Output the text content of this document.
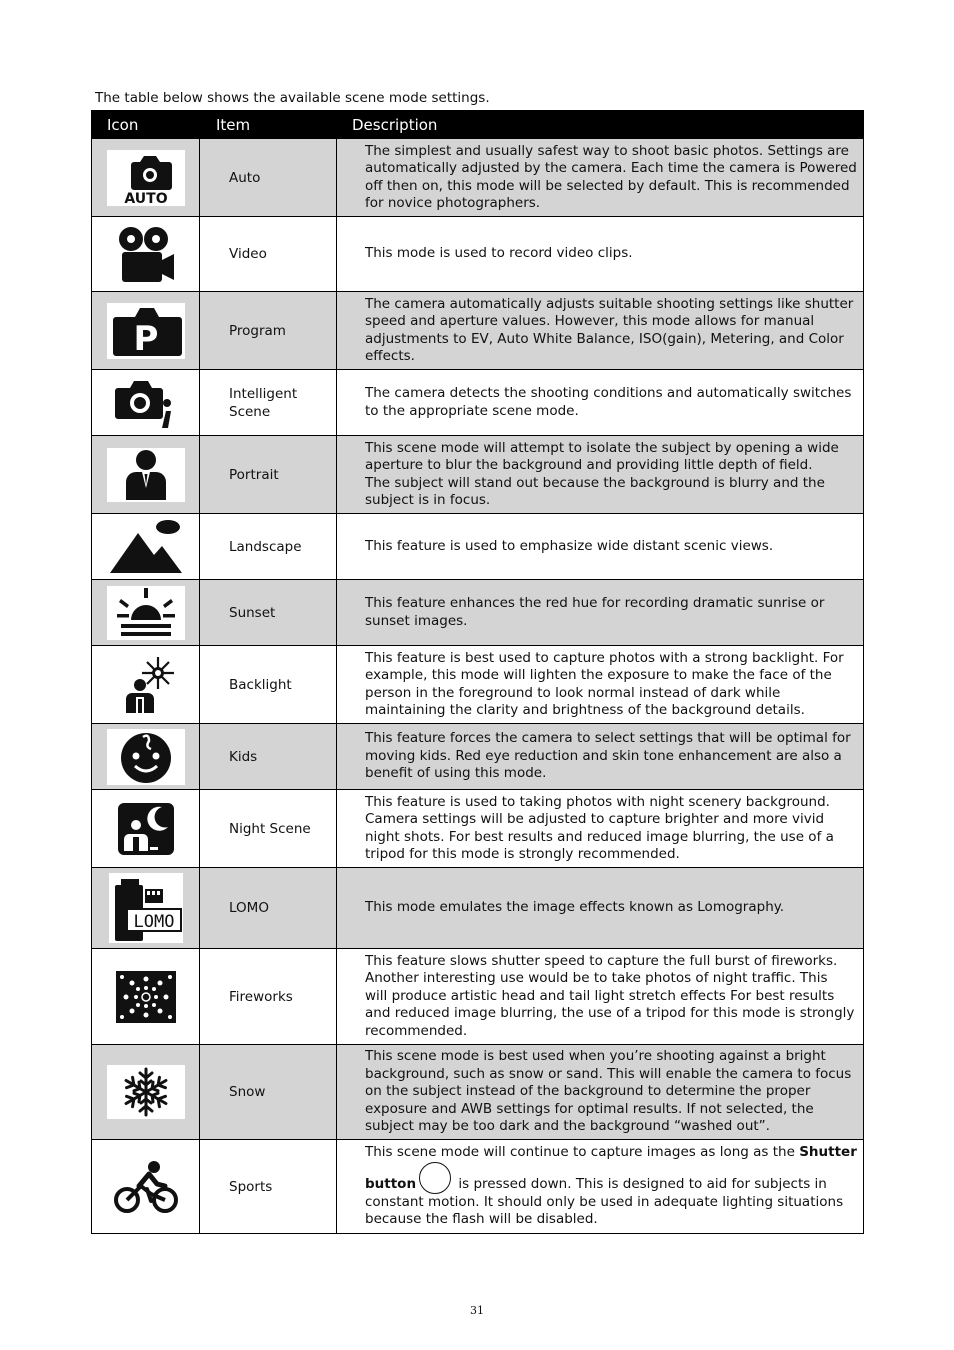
The table below shows the available scene mode settings.
Icon	Item	Description

AUTO	Auto	The simplest and usually safest way to shoot basic photos. Settings are automatically adjusted by the camera. Each time the camera is Powered off then on, this mode will be selected by default. This is recommended for novice photographers.

	Video	This mode is used to record video clips.

P	Program	The camera automatically adjusts suitable shooting settings like shutter speed and aperture values. However, this mode allows for manual adjustments to EV, Auto White Balance, ISO(gain), Metering, and Color effects.

	Intelligent Scene	The camera detects the shooting conditions and automatically switches to the appropriate scene mode.

	Portrait	This scene mode will attempt to isolate the subject by opening a wide aperture to blur the background and providing little depth of field.
The subject will stand out because the background is blurry and the subject is in focus.

	Landscape	This feature is used to emphasize wide distant scenic views.

	Sunset	This feature enhances the red hue for recording dramatic sunrise or sunset images.

	Backlight	This feature is best used to capture photos with a strong backlight. For example, this mode will lighten the exposure to make the face of the person in the foreground to look normal instead of dark while maintaining the clarity and brightness of the background details.

	Kids	This feature forces the camera to select settings that will be optimal for moving kids. Red eye reduction and skin tone enhancement are also a benefit of using this mode.

	Night Scene	This feature is used to taking photos with night scenery background. Camera settings will be adjusted to capture brighter and more vivid night shots. For best results and reduced image blurring, the use of a tripod for this mode is strongly recommended.

LOMO	LOMO	This mode emulates the image effects known as Lomography.

	Fireworks	This feature slows shutter speed to capture the full burst of fireworks.
Another interesting use would be to take photos of night traffic. This
will produce artistic head and tail light stretch effects For best results
and reduced image blurring, the use of a tripod for this mode is strongly recommended.

	Snow	This scene mode is best used when you’re shooting against a bright background, such as snow or sand. This will enable the camera to focus on the subject instead of the background to determine the proper exposure and AWB settings for optimal results. If not selected, the subject may be too dark and the background “washed out”.

	Sports	This scene mode will continue to capture images as long as the Shutter button is pressed down. This is designed to aid for subjects in constant motion. It should only be used in adequate lighting situations because the flash will be disabled.
31
